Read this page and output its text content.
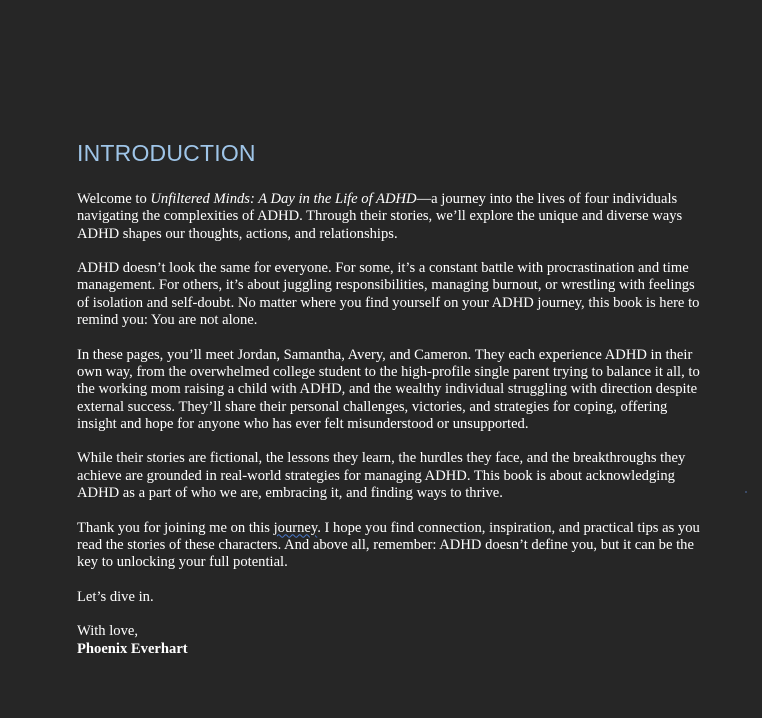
INTRODUCTION

Welcome to Unfiltered Minds: A Day in the Life of ADHD—a journey into the lives of four individuals navigating the complexities of ADHD. Through their stories, we’ll explore the unique and diverse ways ADHD shapes our thoughts, actions, and relationships.

ADHD doesn’t look the same for everyone. For some, it’s a constant battle with procrastination and time management. For others, it’s about juggling responsibilities, managing burnout, or wrestling with feelings of isolation and self-doubt. No matter where you find yourself on your ADHD journey, this book is here to remind you: You are not alone.

In these pages, you’ll meet Jordan, Samantha, Avery, and Cameron. They each experience ADHD in their own way, from the overwhelmed college student to the high-profile single parent trying to balance it all, to the working mom raising a child with ADHD, and the wealthy individual struggling with direction despite external success. They’ll share their personal challenges, victories, and strategies for coping, offering insight and hope for anyone who has ever felt misunderstood or unsupported.

While their stories are fictional, the lessons they learn, the hurdles they face, and the breakthroughs they achieve are grounded in real-world strategies for managing ADHD. This book is about acknowledging ADHD as a part of who we are, embracing it, and finding ways to thrive.

Thank you for joining me on this journey. I hope you find connection, inspiration, and practical tips as you read the stories of these characters. And above all, remember: ADHD doesn’t define you, but it can be the key to unlocking your full potential.

Let’s dive in.

With love,
Phoenix Everhart
